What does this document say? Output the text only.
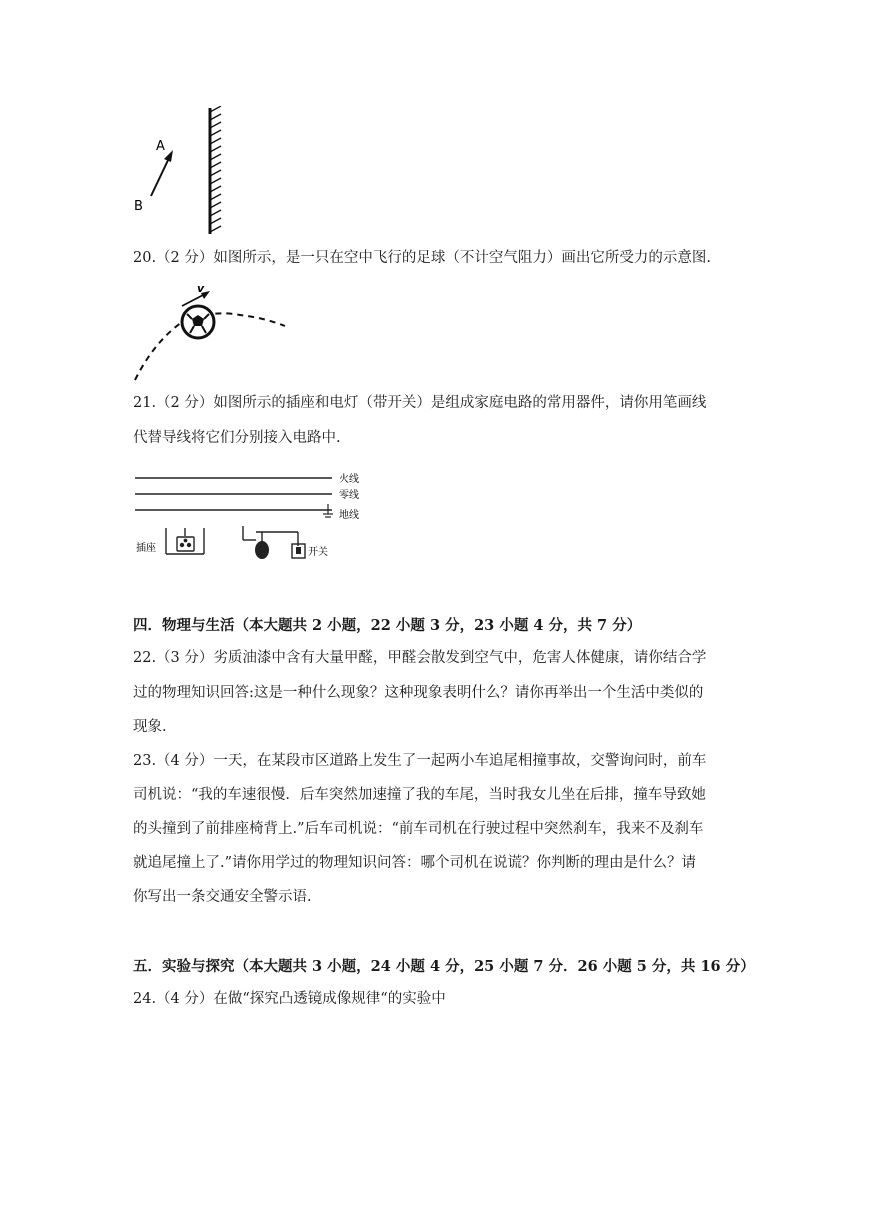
A
B
20.（2 分）如图所示，是一只在空中飞行的足球（不计空气阻力）画出它所受力的示意图.
v
21.（2 分）如图所示的插座和电灯（带开关）是组成家庭电路的常用器件，请你用笔画线
代替导线将它们分别接入电路中.
火线
零线
地线
插座	开关
四．物理与生活（本大题共 2 小题，22 小题 3 分，23 小题 4 分，共 7 分）
22.（3 分）劣质油漆中含有大量甲醛，甲醛会散发到空气中，危害人体健康，请你结合学
过的物理知识回答:这是一种什么现象？这种现象表明什么？请你再举出一个生活中类似的
现象.
23.（4 分）一天，在某段市区道路上发生了一起两小车追尾相撞事故，交警询问时，前车
司机说：“我的车速很慢．后车突然加速撞了我的车尾，当时我女儿坐在后排，撞车导致她
的头撞到了前排座椅背上.”后车司机说：“前车司机在行驶过程中突然刹车，我来不及刹车
就追尾撞上了.”请你用学过的物理知识问答：哪个司机在说谎？你判断的理由是什么？请
你写出一条交通安全警示语.
五．实验与探究（本大题共 3 小题，24 小题 4 分，25 小题 7 分．26 小题 5 分，共 16 分）
24.（4 分）在做“探究凸透镜成像规律“的实验中
